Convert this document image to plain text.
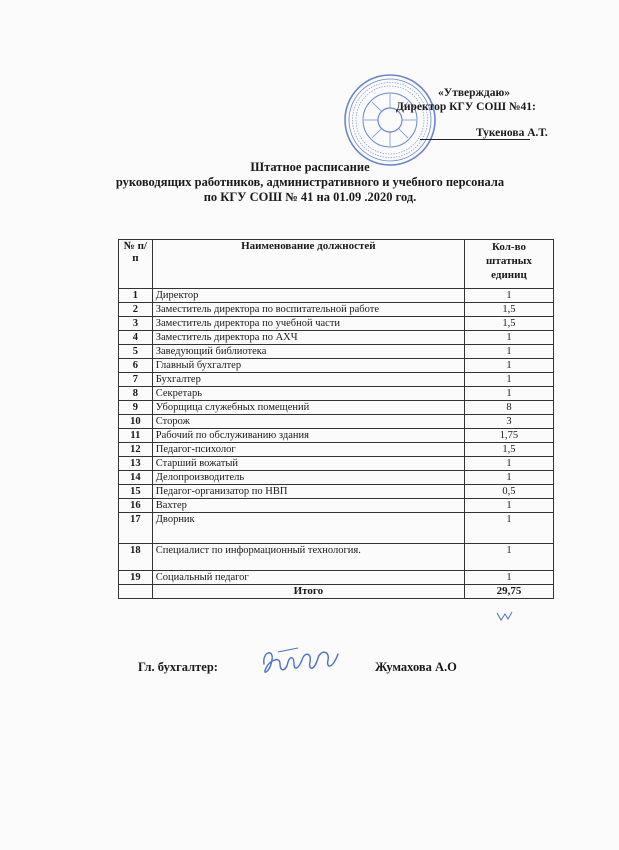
«Утверждаю»
Директор КГУ СОШ №41:
Тукенова А.Т.
Штатное расписание
руководящих работников, административного и учебного персонала
по КГУ СОШ № 41 на 01.09 .2020 год.
№ п/п	Наименование должностей	Кол-во штатных единиц
1	Директор	1
2	Заместитель директора по воспитательной работе	1,5
3	Заместитель директора по учебной части	1,5
4	Заместитель директора по АХЧ	1
5	Заведующий библиотека	1
6	Главный бухгалтер	1
7	Бухгалтер	1
8	Секретарь	1
9	Уборщица служебных помещений	8
10	Сторож	3
11	Рабочий по обслуживанию здания	1,75
12	Педагог-психолог	1,5
13	Старший вожатый	1
14	Делопроизводитель	1
15	Педагог-организатор по НВП	0,5
16	Вахтер	1
17	Дворник	1
18	Специалист по информационный технология.	1
19	Социальный педагог	1
	Итого	29,75
Гл. бухгалтер:	Жумахова А.О
